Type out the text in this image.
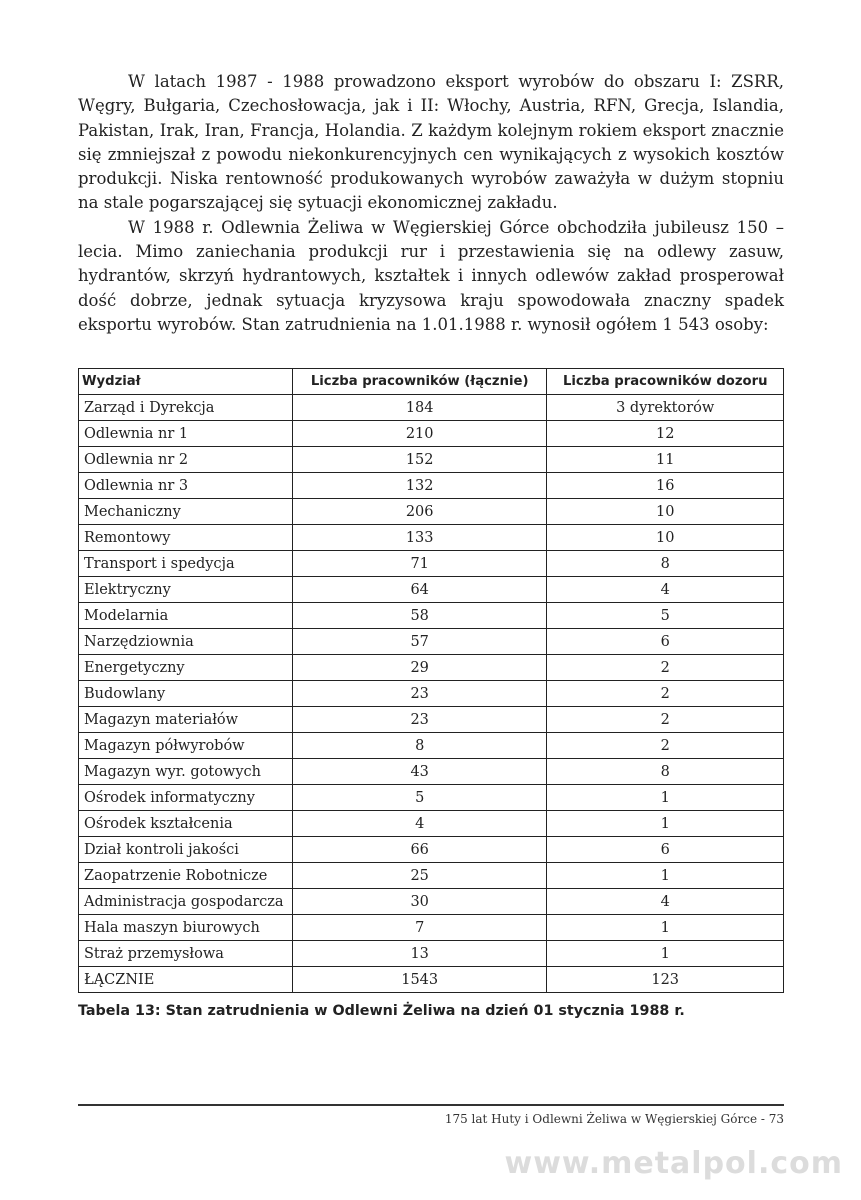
W latach 1987 - 1988 prowadzono eksport wyrobów do obszaru I: ZSRR, Węgry, Bułgaria, Czechosłowacja, jak i II: Włochy, Austria, RFN, Grecja, Islandia, Pakistan, Irak, Iran, Francja, Holandia. Z każdym kolejnym rokiem eksport znacznie się zmniejszał z powodu niekonkurencyjnych cen wynikających z wysokich kosztów produkcji. Niska rentowność produkowanych wyrobów zaważyła w dużym stopniu na stale pogarszającej się sytuacji ekonomicznej zakładu.

W 1988 r. Odlewnia Żeliwa w Węgierskiej Górce obchodziła jubileusz 150 – lecia. Mimo zaniechania produkcji rur i przestawienia się na odlewy zasuw, hydrantów, skrzyń hydrantowych, kształtek i innych odlewów zakład prosperował dość dobrze, jednak sytuacja kryzysowa kraju spowodowała znaczny spadek eksportu wyrobów. Stan zatrudnienia na 1.01.1988 r. wynosił ogółem 1 543 osoby:

Wydział	Liczba pracowników (łącznie)	Liczba pracowników dozoru
Zarząd i Dyrekcja	184	3 dyrektorów
Odlewnia nr 1	210	12
Odlewnia nr 2	152	11
Odlewnia nr 3	132	16
Mechaniczny	206	10
Remontowy	133	10
Transport i spedycja	71	8
Elektryczny	64	4
Modelarnia	58	5
Narzędziownia	57	6
Energetyczny	29	2
Budowlany	23	2
Magazyn materiałów	23	2
Magazyn półwyrobów	8	2
Magazyn wyr. gotowych	43	8
Ośrodek informatyczny	5	1
Ośrodek kształcenia	4	1
Dział kontroli jakości	66	6
Zaopatrzenie Robotnicze	25	1
Administracja gospodarcza	30	4
Hala maszyn biurowych	7	1
Straż przemysłowa	13	1
ŁĄCZNIE	1543	123
Tabela 13: Stan zatrudnienia w Odlewni Żeliwa na dzień 01 stycznia 1988 r.
175 lat Huty i Odlewni Żeliwa w Węgierskiej Górce - 73
www.metalpol.com
